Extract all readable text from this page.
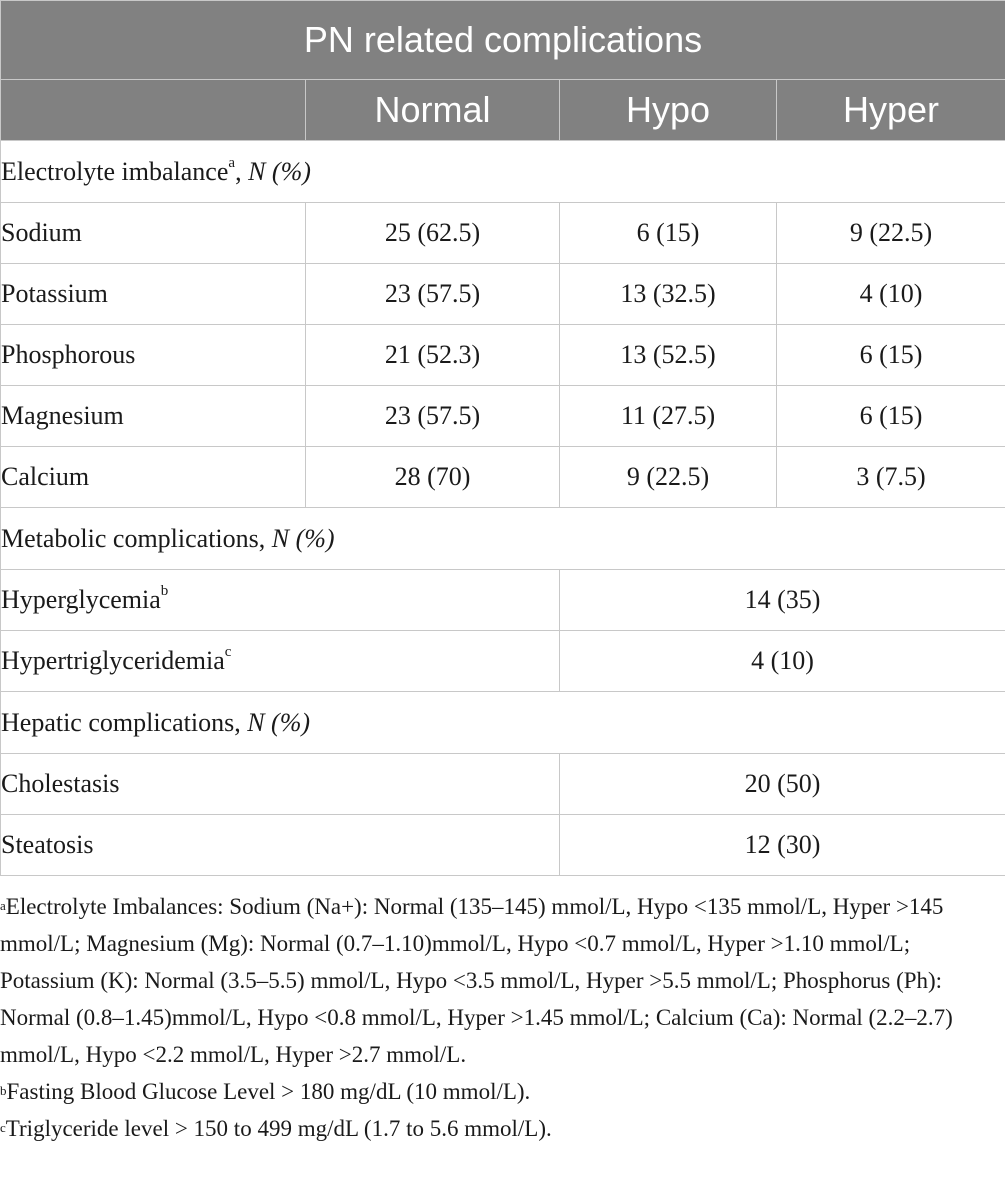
PN related complications			
	Normal	Hypo	Hyper
Electrolyte imbalance$^a$, N (%)			
Sodium	25 (62.5)	6 (15)	9 (22.5)
Potassium	23 (57.5)	13 (32.5)	4 (10)
Phosphorous	21 (52.3)	13 (52.5)	6 (15)
Magnesium	23 (57.5)	11 (27.5)	6 (15)
Calcium	28 (70)	9 (22.5)	3 (7.5)
Metabolic complications, N (%)			
Hyperglycemia$^b$		14 (35)	
Hypertriglyceridemia$^c$		4 (10)	
Hepatic complications, N (%)			
Cholestasis		20 (50)	
Steatosis		12 (30)	

$^a$Electrolyte Imbalances: Sodium (Na+): Normal (135–145) mmol/L, Hypo <135 mmol/L, Hyper >145 mmol/L; Magnesium (Mg): Normal (0.7–1.10)mmol/L, Hypo <0.7 mmol/L, Hyper >1.10 mmol/L; Potassium (K): Normal (3.5–5.5) mmol/L, Hypo <3.5 mmol/L, Hyper >5.5 mmol/L; Phosphorus (Ph): Normal (0.8–1.45)mmol/L, Hypo <0.8 mmol/L, Hyper >1.45 mmol/L; Calcium (Ca): Normal (2.2–2.7) mmol/L, Hypo <2.2 mmol/L, Hyper >2.7 mmol/L.

$^b$Fasting Blood Glucose Level > 180 mg/dL (10 mmol/L).

$^c$Triglyceride level > 150 to 499 mg/dL (1.7 to 5.6 mmol/L).
